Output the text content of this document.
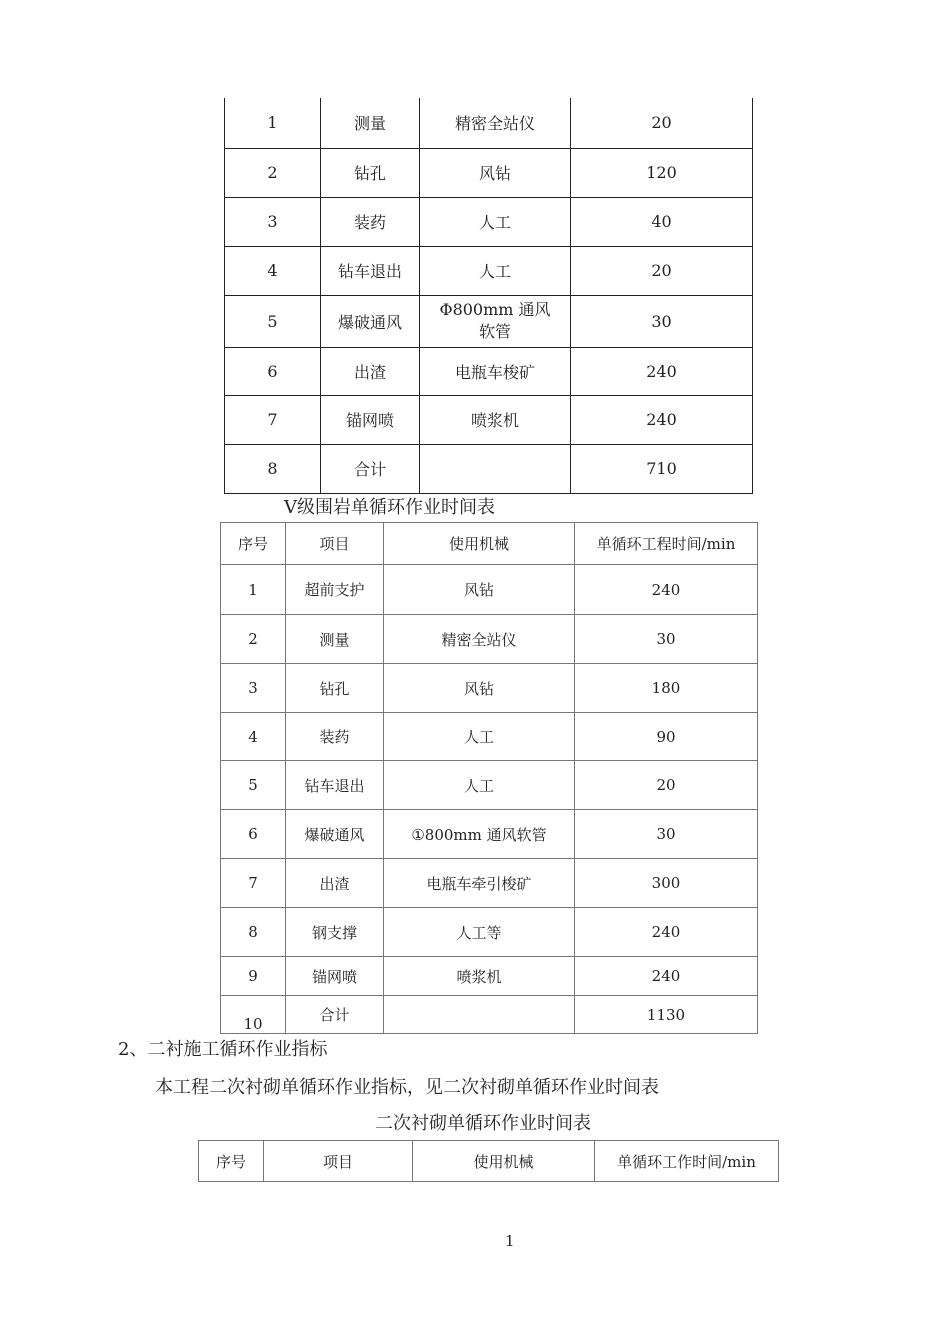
1	测量	精密全站仪	20
2	钻孔	风钻	120
3	装药	人工	40
4	钻车退出	人工	20
5	爆破通风	Φ800mm 通风软管	30
6	出渣	电瓶车梭矿	240
7	锚网喷	喷浆机	240
8	合计		710
Ⅴ级围岩单循环作业时间表
序号	项目	使用机械	单循环工程时间/min
1	超前支护	风钻	240
2	测量	精密全站仪	30
3	钻孔	风钻	180
4	装药	人工	90
5	钻车退出	人工	20
6	爆破通风	①800mm 通风软管	30
7	出渣	电瓶车牵引梭矿	300
8	钢支撑	人工等	240
9	锚网喷	喷浆机	240
10	合计		1130
2、二衬施工循环作业指标
本工程二次衬砌单循环作业指标，见二次衬砌单循环作业时间表
二次衬砌单循环作业时间表
序号	项目	使用机械	单循环工作时间/min
1
